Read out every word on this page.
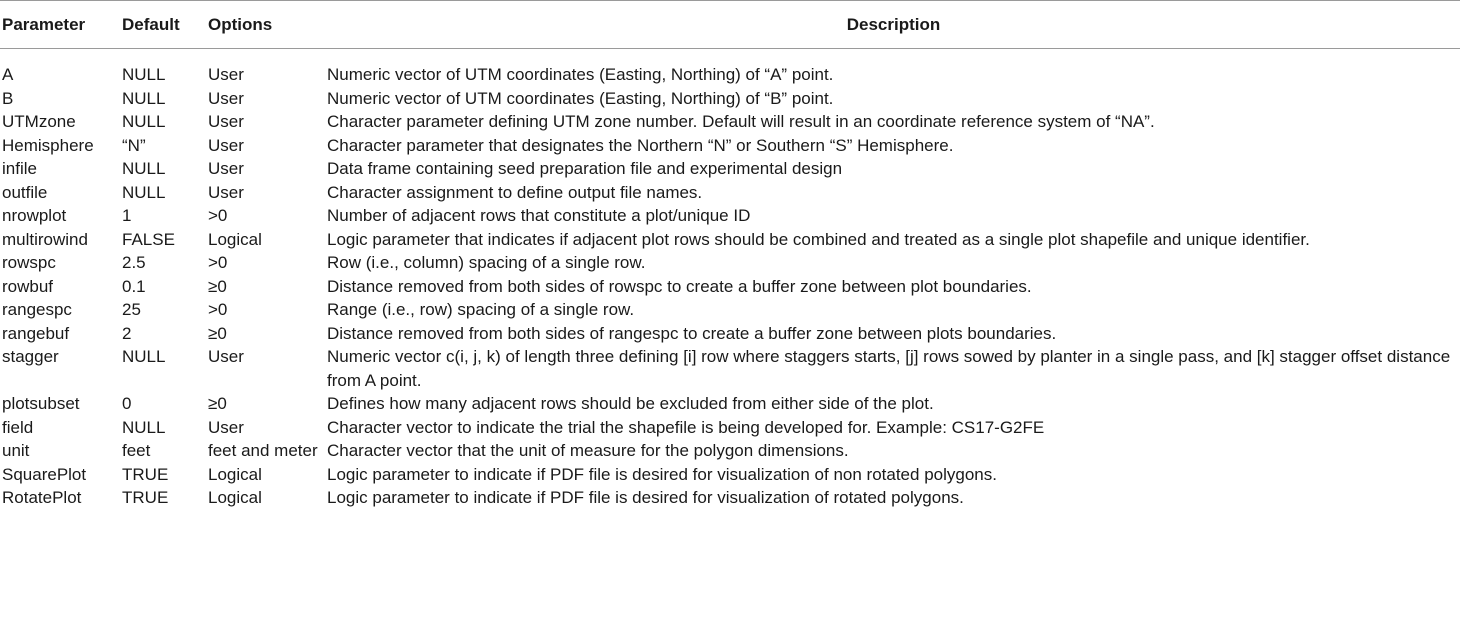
Parameter	Default	Options	Description
A	NULL	User	Numeric vector of UTM coordinates (Easting, Northing) of “A” point.
B	NULL	User	Numeric vector of UTM coordinates (Easting, Northing) of “B” point.
UTMzone	NULL	User	Character parameter defining UTM zone number. Default will result in an coordinate reference system of “NA”.
Hemisphere	“N”	User	Character parameter that designates the Northern “N” or Southern “S” Hemisphere.
infile	NULL	User	Data frame containing seed preparation file and experimental design
outfile	NULL	User	Character assignment to define output file names.
nrowplot	1	>0	Number of adjacent rows that constitute a plot/unique ID
multirowind	FALSE	Logical	Logic parameter that indicates if adjacent plot rows should be combined and treated as a single plot shapefile and unique identifier.
rowspc	2.5	>0	Row (i.e., column) spacing of a single row.
rowbuf	0.1	≥0	Distance removed from both sides of rowspc to create a buffer zone between plot boundaries.
rangespc	25	>0	Range (i.e., row) spacing of a single row.
rangebuf	2	≥0	Distance removed from both sides of rangespc to create a buffer zone between plots boundaries.
stagger	NULL	User	Numeric vector c(i, j, k) of length three defining [i] row where staggers starts, [j] rows sowed by planter in a single pass, and [k] stagger offset distance from A point.
plotsubset	0	≥0	Defines how many adjacent rows should be excluded from either side of the plot.
field	NULL	User	Character vector to indicate the trial the shapefile is being developed for. Example: CS17-G2FE
unit	feet	feet and meter	Character vector that the unit of measure for the polygon dimensions.
SquarePlot	TRUE	Logical	Logic parameter to indicate if PDF file is desired for visualization of non rotated polygons.
RotatePlot	TRUE	Logical	Logic parameter to indicate if PDF file is desired for visualization of rotated polygons.
